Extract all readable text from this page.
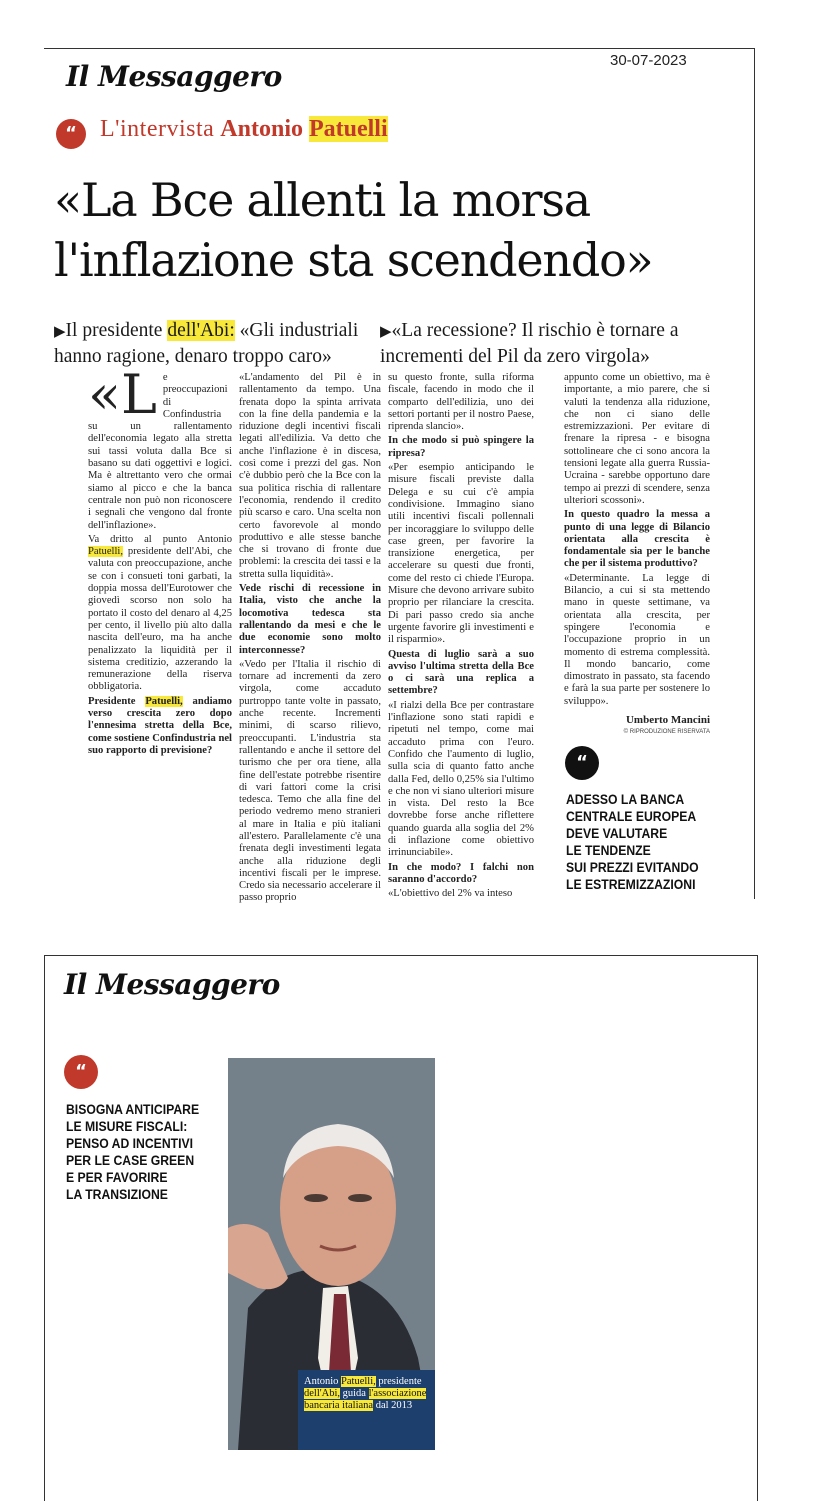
30-07-2023
Il Messaggero
“ L'intervista Antonio Patuelli
«La Bce allenti la morsa
l'inflazione sta scendendo»
▶Il presidente dell'Abi: «Gli industriali hanno ragione, denaro troppo caro»
▶«La recessione? Il rischio è tornare a incrementi del Pil da zero virgola»

«Le preoccupazioni di Confindustria su un rallentamento dell'economia legato alla stretta sui tassi voluta dalla Bce si basano su dati oggettivi e logici. Ma è altrettanto vero che ormai siamo al picco e che la banca centrale non può non riconoscere i segnali che vengono dal fronte dell'inflazione».

Va dritto al punto Antonio Patuelli, presidente dell'Abi, che valuta con preoccupazione, anche se con i consueti toni garbati, la doppia mossa dell'Eurotower che giovedì scorso non solo ha portato il costo del denaro al 4,25 per cento, il livello più alto dalla nascita dell'euro, ma ha anche penalizzato la liquidità per il sistema creditizio, azzerando la remunerazione della riserva obbligatoria.

Presidente Patuelli, andiamo verso crescita zero dopo l'ennesima stretta della Bce, come sostiene Confindustria nel suo rapporto di previsione?

«L'andamento del Pil è in rallentamento da tempo. Una frenata dopo la spinta arrivata con la fine della pandemia e la riduzione degli incentivi fiscali legati all'edilizia. Va detto che anche l'inflazione è in discesa, così come i prezzi del gas. Non c'è dubbio però che la Bce con la sua politica rischia di rallentare l'economia, rendendo il credito più scarso e caro. Una scelta non certo favorevole al mondo produttivo e alle stesse banche che si trovano di fronte due problemi: la crescita dei tassi e la stretta sulla liquidità».

Vede rischi di recessione in Italia, visto che anche la locomotiva tedesca sta rallentando da mesi e che le due economie sono molto interconnesse?

«Vedo per l'Italia il rischio di tornare ad incrementi da zero virgola, come accaduto purtroppo tante volte in passato, anche recente. Incrementi minimi, di scarso rilievo, preoccupanti. L'industria sta rallentando e anche il settore del turismo che per ora tiene, alla fine dell'estate potrebbe risentire di vari fattori come la crisi tedesca. Temo che alla fine del periodo vedremo meno stranieri al mare in Italia e più italiani all'estero. Parallelamente c'è una frenata degli investimenti legata anche alla riduzione degli incentivi fiscali per le imprese. Credo sia necessario accelerare il passo proprio

su questo fronte, sulla riforma fiscale, facendo in modo che il comparto dell'edilizia, uno dei settori portanti per il nostro Paese, riprenda slancio».

In che modo si può spingere la ripresa?

«Per esempio anticipando le misure fiscali previste dalla Delega e su cui c'è ampia condivisione. Immagino siano utili incentivi fiscali pollennali per incoraggiare lo sviluppo delle case green, per favorire la transizione energetica, per accelerare su questi due fronti, come del resto ci chiede l'Europa. Misure che devono arrivare subito proprio per rilanciare la crescita. Di pari passo credo sia anche urgente favorire gli investimenti e il risparmio».

Questa di luglio sarà a suo avviso l'ultima stretta della Bce o ci sarà una replica a settembre?

«I rialzi della Bce per contrastare l'inflazione sono stati rapidi e ripetuti nel tempo, come mai accaduto prima con l'euro. Confido che l'aumento di luglio, sulla scia di quanto fatto anche dalla Fed, dello 0,25% sia l'ultimo e che non vi siano ulteriori misure in vista. Del resto la Bce dovrebbe forse anche riflettere quando guarda alla soglia del 2% di inflazione come obiettivo irrinunciabile».

In che modo? I falchi non saranno d'accordo?

«L'obiettivo del 2% va inteso

appunto come un obiettivo, ma è importante, a mio parere, che si valuti la tendenza alla riduzione, che non ci siano delle estremizzazioni. Per evitare di frenare la ripresa - e bisogna sottolineare che ci sono ancora la tensioni legate alla guerra Russia-Ucraina - sarebbe opportuno dare tempo ai prezzi di scendere, senza ulteriori scossoni».

In questo quadro la messa a punto di una legge di Bilancio orientata alla crescita è fondamentale sia per le banche che per il sistema produttivo?

«Determinante. La legge di Bilancio, a cui si sta mettendo mano in queste settimane, va orientata alla crescita, per spingere l'economia e l'occupazione proprio in un momento di estrema complessità. Il mondo bancario, come dimostrato in passato, sta facendo e farà la sua parte per sostenere lo sviluppo».

Umberto Mancini
© RIPRODUZIONE RISERVATA
“
ADESSO LA BANCA
CENTRALE EUROPEA
DEVE VALUTARE
LE TENDENZE
SUI PREZZI EVITANDO
LE ESTREMIZZAZIONI
Il Messaggero
“
BISOGNA ANTICIPARE
LE MISURE FISCALI:
PENSO AD INCENTIVI
PER LE CASE GREEN
E PER FAVORIRE
LA TRANSIZIONE
Antonio Patuelli, presidente dell'Abi, guida l'associazione bancaria italiana dal 2013
